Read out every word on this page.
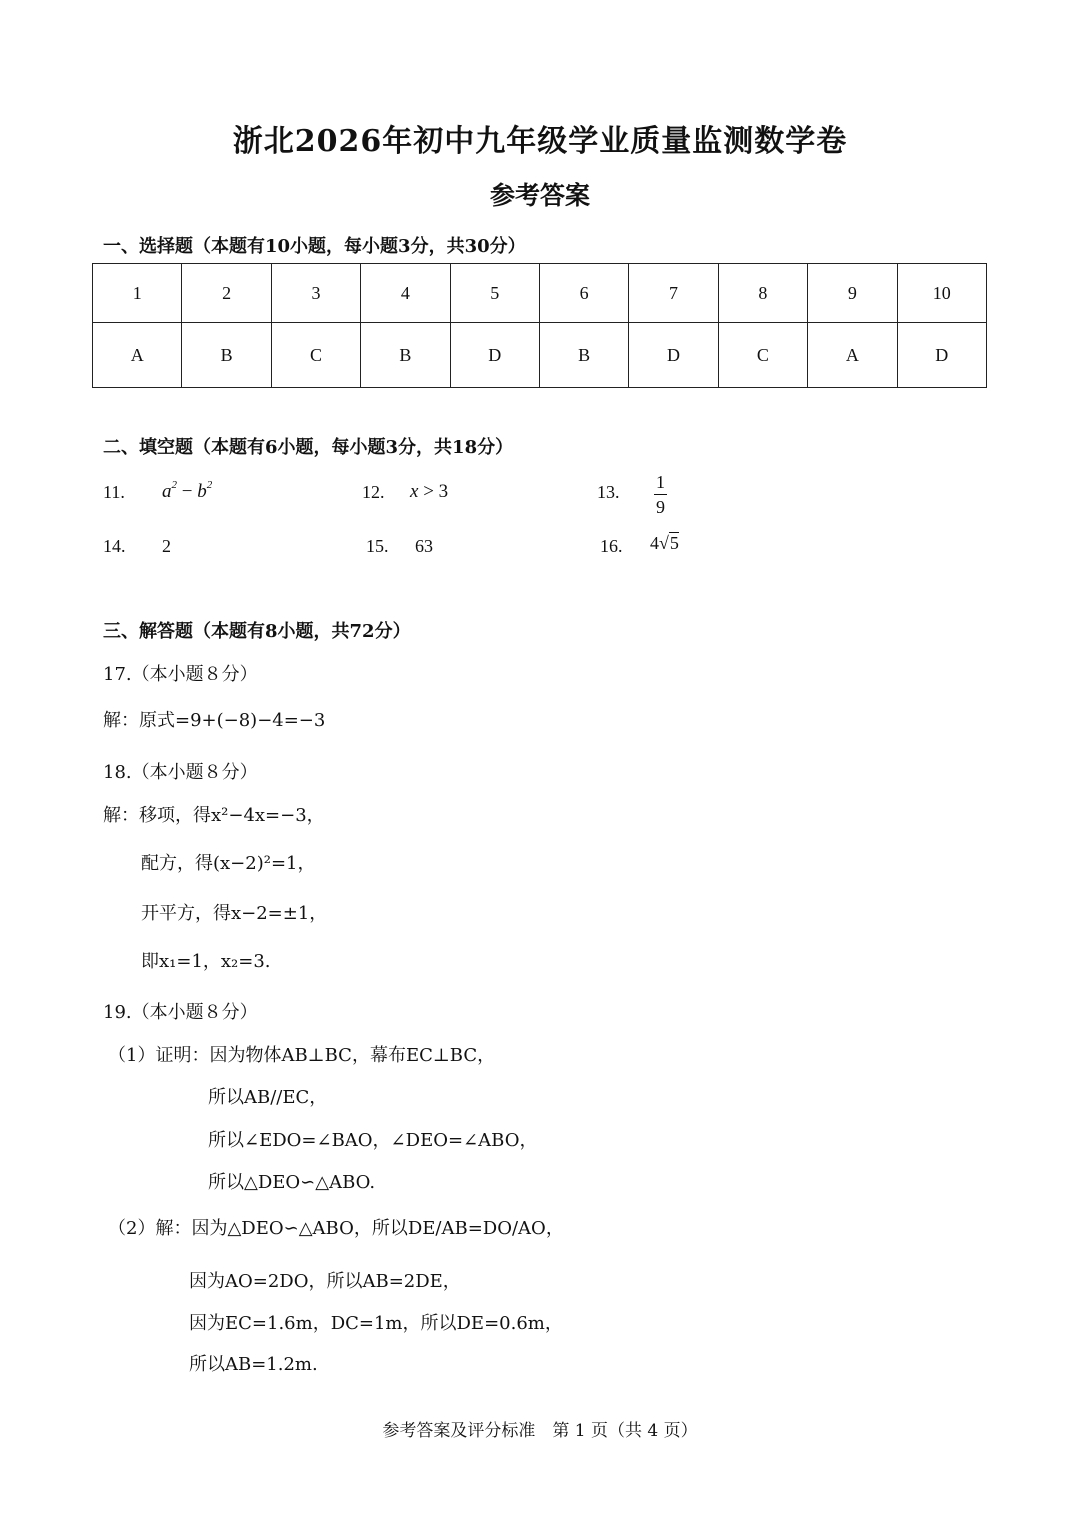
浙北2026年初中九年级学业质量监测数学卷
参考答案
一、选择题（本题有10小题，每小题3分，共30分）
1	2	3	4	5	6	7	8	9	10
A	B	C	B	D	B	D	C	A	D
二、填空题（本题有6小题，每小题3分，共18分）
11. $a^2 - b^2$	12. x > 3	13. $\frac{1}{9}$
14. 2	15. 63	16. 4√5
三、解答题（本题有8小题，共72分）
17.（本小题８分）
解：原式=9+(−8)−4=−3
18.（本小题８分）
解：移项，得x²−4x=−3，
配方，得(x−2)²=1，
开平方，得x−2=±1，
即x₁=1，x₂=3.
19.（本小题８分）
（1）证明：因为物体AB⊥BC，幕布EC⊥BC，
所以AB//EC，
所以∠EDO=∠BAO，∠DEO=∠ABO，
所以△DEO∽△ABO.
（2）解：因为△DEO∽△ABO，所以DE/AB=DO/AO，
因为AO=2DO，所以AB=2DE，
因为EC=1.6m，DC=1m，所以DE=0.6m，
所以AB=1.2m.
参考答案及评分标准　第 1 页（共 4 页）
